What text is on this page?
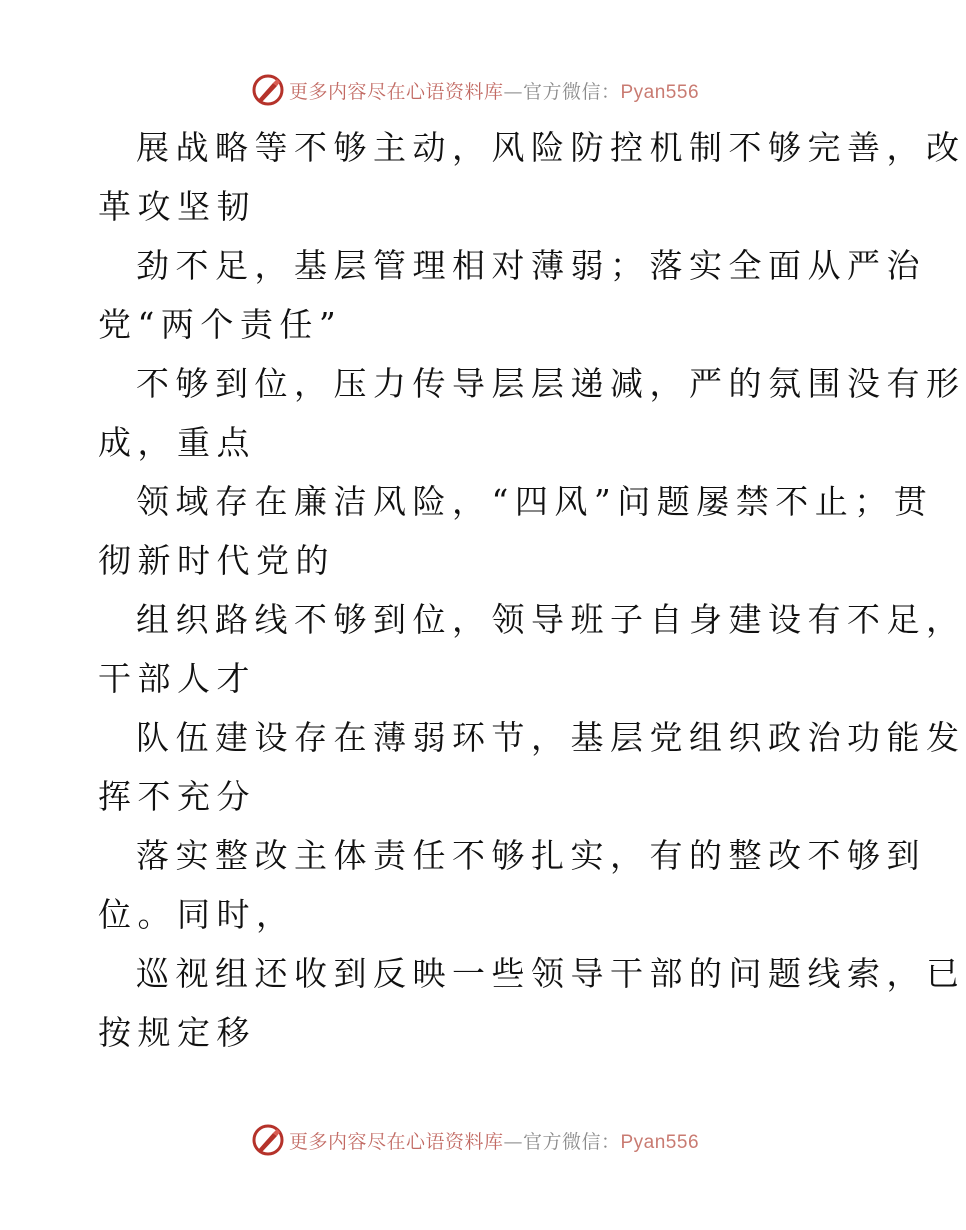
更多内容尽在心语资料库—官方微信：Pyan556
展战略等不够主动，风险防控机制不够完善，改
革攻坚韧
劲不足，基层管理相对薄弱；落实全面从严治
党“两个责任”
不够到位，压力传导层层递减，严的氛围没有形
成，重点
领域存在廉洁风险，“四风”问题屡禁不止；贯
彻新时代党的
组织路线不够到位，领导班子自身建设有不足，
干部人才
队伍建设存在薄弱环节，基层党组织政治功能发
挥不充分
落实整改主体责任不够扎实，有的整改不够到
位。同时，
巡视组还收到反映一些领导干部的问题线索，已
按规定移
更多内容尽在心语资料库—官方微信：Pyan556
